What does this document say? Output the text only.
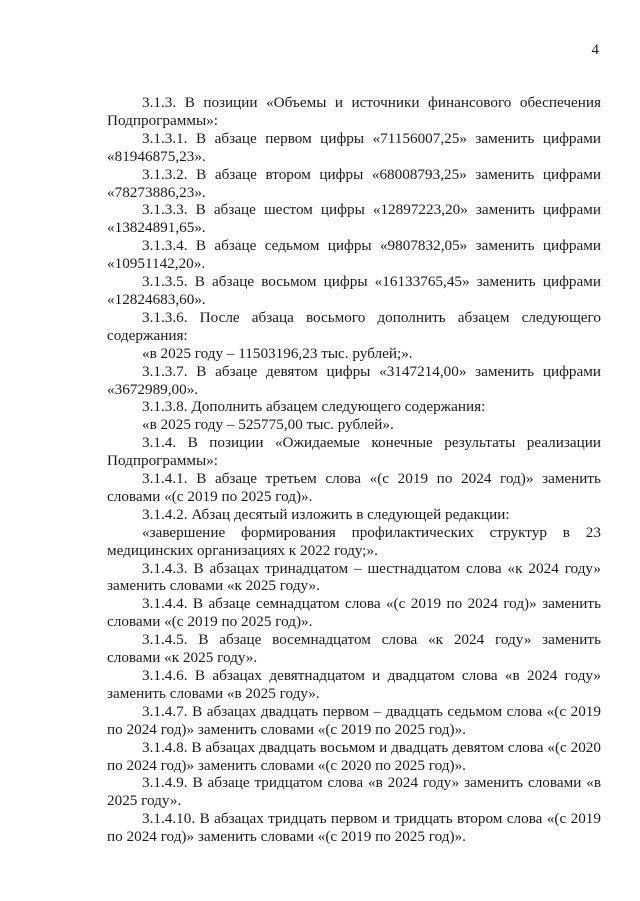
4

3.1.3. В позиции «Объемы и источники финансового обеспечения Подпрограммы»:

3.1.3.1. В абзаце первом цифры «71156007,25» заменить цифрами «81946875,23».

3.1.3.2. В абзаце втором цифры «68008793,25» заменить цифрами «78273886,23».

3.1.3.3. В абзаце шестом цифры «12897223,20» заменить цифрами «13824891,65».

3.1.3.4. В абзаце седьмом цифры «9807832,05» заменить цифрами «10951142,20».

3.1.3.5. В абзаце восьмом цифры «16133765,45» заменить цифрами «12824683,60».

3.1.3.6. После абзаца восьмого дополнить абзацем следующего содержания:

«в 2025 году – 11503196,23 тыс. рублей;».

3.1.3.7. В абзаце девятом цифры «3147214,00» заменить цифрами «3672989,00».

3.1.3.8. Дополнить абзацем следующего содержания:

«в 2025 году – 525775,00 тыс. рублей».

3.1.4. В позиции «Ожидаемые конечные результаты реализации Подпрограммы»:

3.1.4.1. В абзаце третьем слова «(с 2019 по 2024 год)» заменить словами «(с 2019 по 2025 год)».

3.1.4.2. Абзац десятый изложить в следующей редакции:

«завершение формирования профилактических структур в 23 медицинских организациях к 2022 году;».

3.1.4.3. В абзацах тринадцатом – шестнадцатом слова «к 2024 году» заменить словами «к 2025 году».

3.1.4.4. В абзаце семнадцатом слова «(с 2019 по 2024 год)» заменить словами «(с 2019 по 2025 год)».

3.1.4.5. В абзаце восемнадцатом слова «к 2024 году» заменить словами «к 2025 году».

3.1.4.6. В абзацах девятнадцатом и двадцатом слова «в 2024 году» заменить словами «в 2025 году».

3.1.4.7. В абзацах двадцать первом – двадцать седьмом слова «(с 2019 по 2024 год)» заменить словами «(с 2019 по 2025 год)».

3.1.4.8. В абзацах двадцать восьмом и двадцать девятом слова «(с 2020 по 2024 год)» заменить словами «(с 2020 по 2025 год)».

3.1.4.9. В абзаце тридцатом слова «в 2024 году» заменить словами «в 2025 году».

3.1.4.10. В абзацах тридцать первом и тридцать втором слова «(с 2019 по 2024 год)» заменить словами «(с 2019 по 2025 год)».
